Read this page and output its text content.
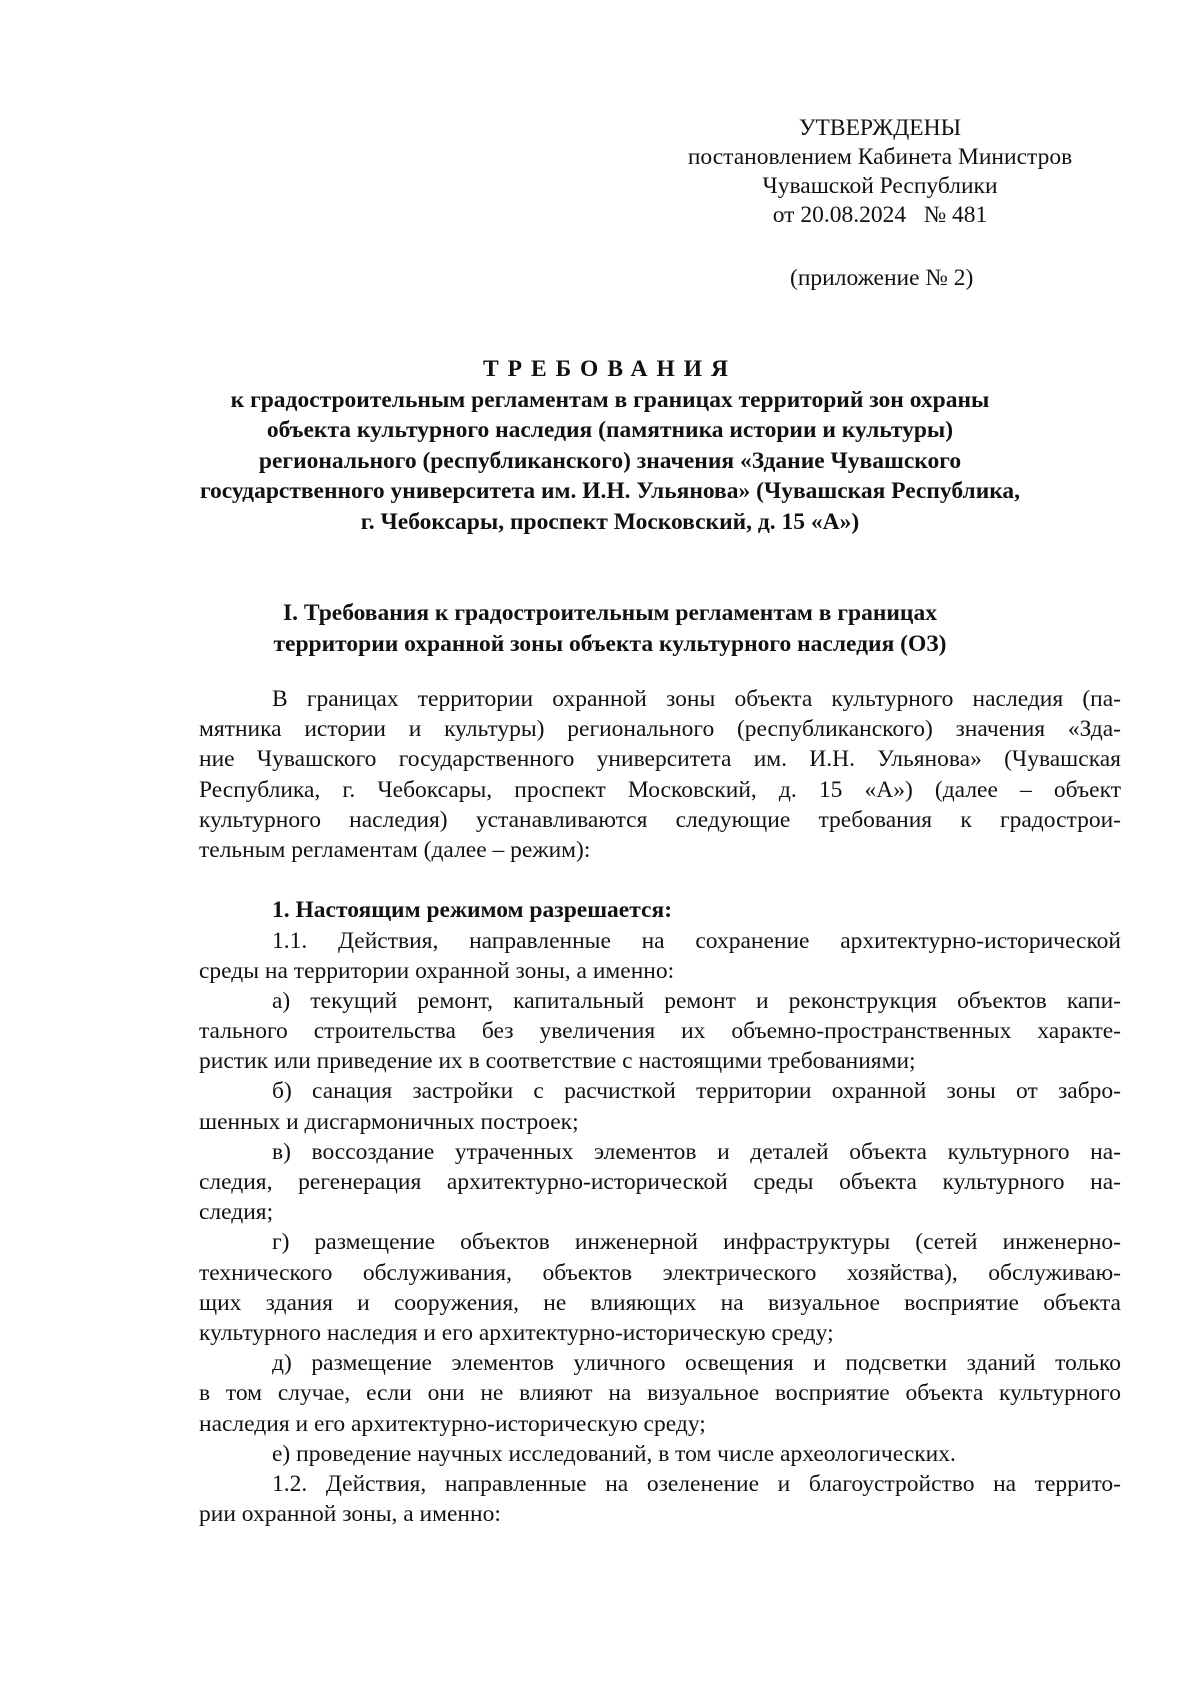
УТВЕРЖДЕНЫ
постановлением Кабинета Министров
Чувашской Республики
от 20.08.2024   № 481
(приложение № 2)
ТРЕБОВАНИЯ
к градостроительным регламентам в границах территорий зон охраны
объекта культурного наследия (памятника истории и культуры)
регионального (республиканского) значения «Здание Чувашского
государственного университета им. И.Н. Ульянова» (Чувашская Республика,
г. Чебоксары, проспект Московский, д. 15 «А»)
I. Требования к градостроительным регламентам в границах
территории охранной зоны объекта культурного наследия (ОЗ)
В границах территории охранной зоны объекта культурного наследия (па-
мятника истории и культуры) регионального (республиканского) значения «Зда-
ние Чувашского государственного университета им. И.Н. Ульянова» (Чувашская
Республика, г. Чебоксары, проспект Московский, д. 15 «А») (далее – объект
культурного наследия) устанавливаются следующие требования к градострои-
тельным регламентам (далее – режим):
1. Настоящим режимом разрешается:
1.1. Действия, направленные на сохранение архитектурно-исторической
среды на территории охранной зоны, а именно:
а) текущий ремонт, капитальный ремонт и реконструкция объектов капи-
тального строительства без увеличения их объемно-пространственных характе-
ристик или приведение их в соответствие с настоящими требованиями;
б) санация застройки с расчисткой территории охранной зоны от забро-
шенных и дисгармоничных построек;
в) воссоздание утраченных элементов и деталей объекта культурного на-
следия, регенерация архитектурно-исторической среды объекта культурного на-
следия;
г) размещение объектов инженерной инфраструктуры (сетей инженерно-
технического обслуживания, объектов электрического хозяйства), обслуживаю-
щих здания и сооружения, не влияющих на визуальное восприятие объекта
культурного наследия и его архитектурно-историческую среду;
д) размещение элементов уличного освещения и подсветки зданий только
в том случае, если они не влияют на визуальное восприятие объекта культурного
наследия и его архитектурно-историческую среду;
е) проведение научных исследований, в том числе археологических.
1.2. Действия, направленные на озеленение и благоустройство на террито-
рии охранной зоны, а именно:
